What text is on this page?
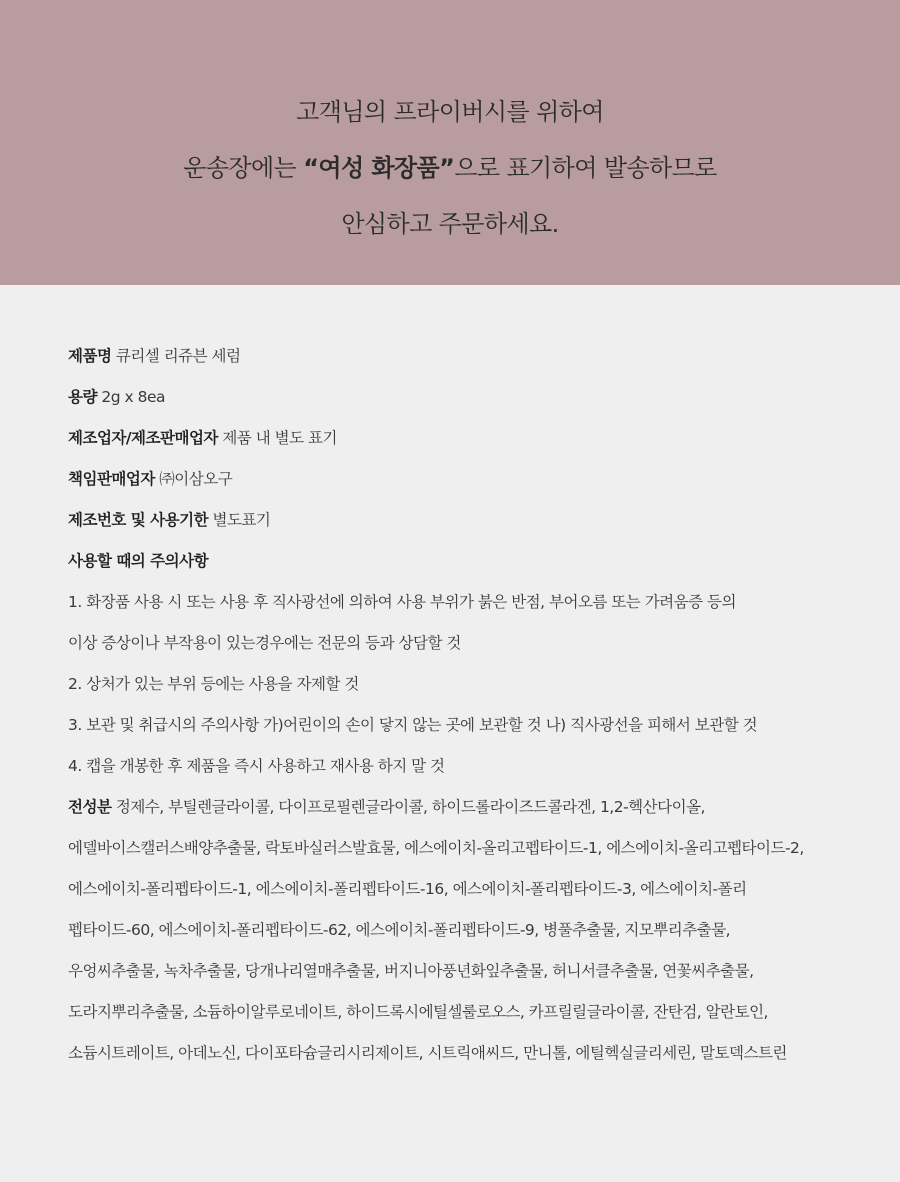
고객님의 프라이버시를 위하여
운송장에는 “여성 화장품”으로 표기하여 발송하므로
안심하고 주문하세요.
제품명 큐리셀 리쥬븐 세럼
용량 2g x 8ea
제조업자/제조판매업자 제품 내 별도 표기
책임판매업자 ㈜이삼오구
제조번호 및 사용기한 별도표기
사용할 때의 주의사항
1. 화장품 사용 시 또는 사용 후 직사광선에 의하여 사용 부위가 붉은 반점, 부어오름 또는 가려움증 등의
이상 증상이나 부작용이 있는경우에는 전문의 등과 상담할 것
2. 상처가 있는 부위 등에는 사용을 자제할 것
3. 보관 및 취급시의 주의사항 가)어린이의 손이 닿지 않는 곳에 보관할 것 나) 직사광선을 피해서 보관할 것
4. 캡을 개봉한 후 제품을 즉시 사용하고 재사용 하지 말 것
전성분 정제수, 부틸렌글라이콜, 다이프로필렌글라이콜, 하이드롤라이즈드콜라겐, 1,2-헥산다이올,
에델바이스캘러스배양추출물, 락토바실러스발효물, 에스에이치-올리고펩타이드-1, 에스에이치-올리고펩타이드-2,
에스에이치-폴리펩타이드-1, 에스에이치-폴리펩타이드-16, 에스에이치-폴리펩타이드-3, 에스에이치-폴리
펩타이드-60, 에스에이치-폴리펩타이드-62, 에스에이치-폴리펩타이드-9, 병풀추출물, 지모뿌리추출물,
우엉씨추출물, 녹차추출물, 당개나리열매추출물, 버지니아풍년화잎추출물, 허니서클추출물, 연꽃씨추출물,
도라지뿌리추출물, 소듐하이알루로네이트, 하이드록시에틸셀룰로오스, 카프릴릴글라이콜, 잔탄검, 알란토인,
소듐시트레이트, 아데노신, 다이포타슘글리시리제이트, 시트릭애씨드, 만니톨, 에틸헥실글리세린, 말토덱스트린
